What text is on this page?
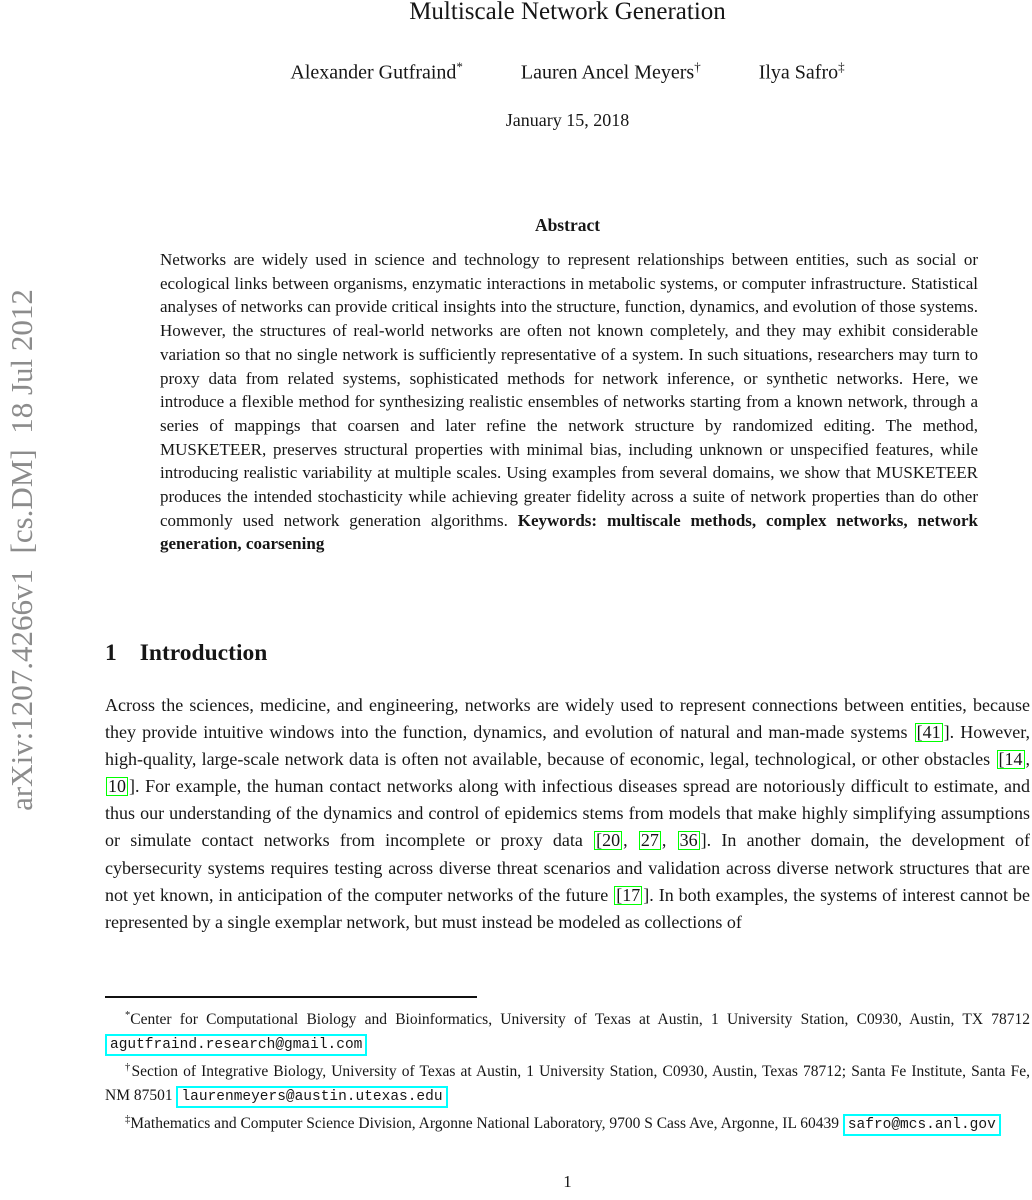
arXiv:1207.4266v1  [cs.DM]  18 Jul 2012
Multiscale Network Generation
Alexander Gutfraind*	Lauren Ancel Meyers†	Ilya Safro‡
January 15, 2018
Abstract
Networks are widely used in science and technology to represent relationships between entities, such as social or ecological links between organisms, enzymatic interactions in metabolic systems, or computer infrastructure. Statistical analyses of networks can provide critical insights into the structure, function, dynamics, and evolution of those systems. However, the structures of real-world networks are often not known completely, and they may exhibit considerable variation so that no single network is sufficiently representative of a system. In such situations, researchers may turn to proxy data from related systems, sophisticated methods for network inference, or synthetic networks. Here, we introduce a flexible method for synthesizing realistic ensembles of networks starting from a known network, through a series of mappings that coarsen and later refine the network structure by randomized editing. The method, MUSKETEER, preserves structural properties with minimal bias, including unknown or unspecified features, while introducing realistic variability at multiple scales. Using examples from several domains, we show that MUSKETEER produces the intended stochasticity while achieving greater fidelity across a suite of network properties than do other commonly used network generation algorithms. Keywords: multiscale methods, complex networks, network generation, coarsening
1 Introduction
Across the sciences, medicine, and engineering, networks are widely used to represent connections between entities, because they provide intuitive windows into the function, dynamics, and evolution of natural and man-made systems [41 ]. However, high-quality, large-scale network data is often not available, because of economic, legal, technological, or other obstacles [14 , 10 ]. For example, the human contact networks along with infectious diseases spread are notoriously difficult to estimate, and thus our understanding of the dynamics and control of epidemics stems from models that make highly simplifying assumptions or simulate contact networks from incomplete or proxy data [20 , 27 , 36 ]. In another domain, the development of cybersecurity systems requires testing across diverse threat scenarios and validation across diverse network structures that are not yet known, in anticipation of the computer networks of the future [17 ]. In both examples, the systems of interest cannot be represented by a single exemplar network, but must instead be modeled as collections of
*Center for Computational Biology and Bioinformatics, University of Texas at Austin, 1 University Station, C0930, Austin, TX 78712 agutfraind.research@gmail.com
†Section of Integrative Biology, University of Texas at Austin, 1 University Station, C0930, Austin, Texas 78712; Santa Fe Institute, Santa Fe, NM 87501 laurenmeyers@austin.utexas.edu
‡Mathematics and Computer Science Division, Argonne National Laboratory, 9700 S Cass Ave, Argonne, IL 60439 safro@mcs.anl.gov
1
